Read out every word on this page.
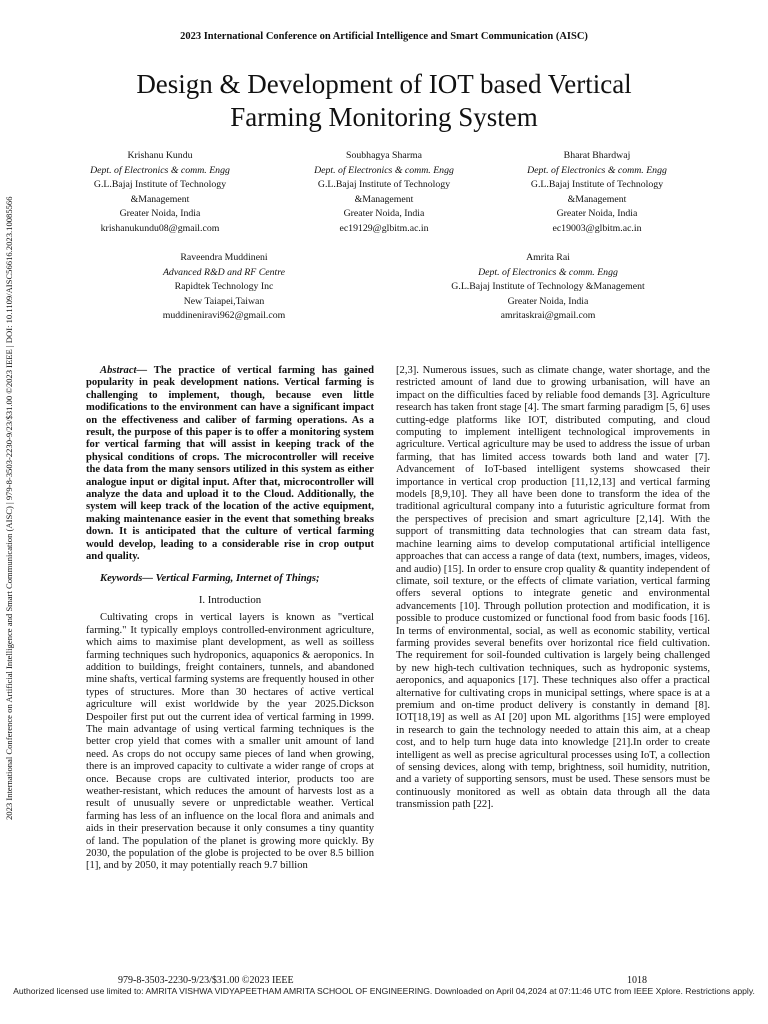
2023 International Conference on Artificial Intelligence and Smart Communication (AISC)
Design & Development of IOT based Vertical
Farming Monitoring System
2023 International Conference on Artificial Intelligence and Smart Communication (AISC) | 979-8-3503-2230-9/23/$31.00 ©2023 IEEE | DOI: 10.1109/AISC56616.2023.10085566
Krishanu Kundu
Dept. of Electronics & comm. Engg
G.L.Bajaj Institute of Technology
&Management
Greater Noida, India
krishanukundu08@gmail.com
Soubhagya Sharma
Dept. of Electronics & comm. Engg
G.L.Bajaj Institute of Technology
&Management
Greater Noida, India
ec19129@glbitm.ac.in
Bharat Bhardwaj
Dept. of Electronics & comm. Engg
G.L.Bajaj Institute of Technology
&Management
Greater Noida, India
ec19003@glbitm.ac.in
Raveendra Muddineni
Advanced R&D and RF Centre
Rapidtek Technology Inc
New Taiapei,Taiwan
muddineniravi962@gmail.com
Amrita Rai
Dept. of Electronics & comm. Engg
G.L.Bajaj Institute of Technology &Management
Greater Noida, India
amritaskrai@gmail.com

Abstract— The practice of vertical farming has gained popularity in peak development nations. Vertical farming is challenging to implement, though, because even little modifications to the environment can have a significant impact on the effectiveness and caliber of farming operations. As a result, the purpose of this paper is to offer a monitoring system for vertical farming that will assist in keeping track of the physical conditions of crops. The microcontroller will receive the data from the many sensors utilized in this system as either analogue input or digital input. After that, microcontroller will analyze the data and upload it to the Cloud. Additionally, the system will keep track of the location of the active equipment, making maintenance easier in the event that something breaks down. It is anticipated that the culture of vertical farming would develop, leading to a considerable rise in crop output and quality.

Keywords— Vertical Farming, Internet of Things;

I. Introduction

Cultivating crops in vertical layers is known as "vertical farming." It typically employs controlled-environment agriculture, which aims to maximise plant development, as well as soilless farming techniques such hydroponics, aquaponics & aeroponics. In addition to buildings, freight containers, tunnels, and abandoned mine shafts, vertical farming systems are frequently housed in other types of structures. More than 30 hectares of active vertical agriculture will exist worldwide by the year 2025.Dickson Despoiler first put out the current idea of vertical farming in 1999. The main advantage of using vertical farming techniques is the better crop yield that comes with a smaller unit amount of land need. As crops do not occupy same pieces of land when growing, there is an improved capacity to cultivate a wider range of crops at once. Because crops are cultivated interior, products too are weather-resistant, which reduces the amount of harvests lost as a result of unusually severe or unpredictable weather. Vertical farming has less of an influence on the local flora and animals and aids in their preservation because it only consumes a tiny quantity of land. The population of the planet is growing more quickly. By 2030, the population of the globe is projected to be over 8.5 billion [1], and by 2050, it may potentially reach 9.7 billion

[2,3]. Numerous issues, such as climate change, water shortage, and the restricted amount of land due to growing urbanisation, will have an impact on the difficulties faced by reliable food demands [3]. Agriculture research has taken front stage [4]. The smart farming paradigm [5, 6] uses cutting-edge platforms like IOT, distributed computing, and cloud computing to implement intelligent technological improvements in agriculture. Vertical agriculture may be used to address the issue of urban farming, that has limited access towards both land and water [7]. Advancement of IoT-based intelligent systems showcased their importance in vertical crop production [11,12,13] and vertical farming models [8,9,10]. They all have been done to transform the idea of the traditional agricultural company into a futuristic agriculture format from the perspectives of precision and smart agriculture [2,14]. With the support of transmitting data technologies that can stream data fast, machine learning aims to develop computational artificial intelligence approaches that can access a range of data (text, numbers, images, videos, and audio) [15]. In order to ensure crop quality & quantity independent of climate, soil texture, or the effects of climate variation, vertical farming offers several options to integrate genetic and environmental advancements [10]. Through pollution protection and modification, it is possible to produce customized or functional food from basic foods [16]. In terms of environmental, social, as well as economic stability, vertical farming provides several benefits over horizontal rice field cultivation. The requirement for soil-founded cultivation is largely being challenged by new high-tech cultivation techniques, such as hydroponic systems, aeroponics, and aquaponics [17]. These techniques also offer a practical alternative for cultivating crops in municipal settings, where space is at a premium and on-time product delivery is constantly in demand [8]. IOT[18,19] as well as AI [20] upon ML algorithms [15] were employed in research to gain the technology needed to attain this aim, at a cheap cost, and to help turn huge data into knowledge [21].In order to create intelligent as well as precise agricultural processes using IoT, a collection of sensing devices, along with temp, brightness, soil humidity, nutrition, and a variety of supporting sensors, must be used. These sensors must be continuously monitored as well as obtain data through all the data transmission path [22].

979-8-3503-2230-9/23/$31.00 ©2023 IEEE	1018
Authorized licensed use limited to: AMRITA VISHWA VIDYAPEETHAM AMRITA SCHOOL OF ENGINEERING. Downloaded on April 04,2024 at 07:11:46 UTC from IEEE Xplore. Restrictions apply.
